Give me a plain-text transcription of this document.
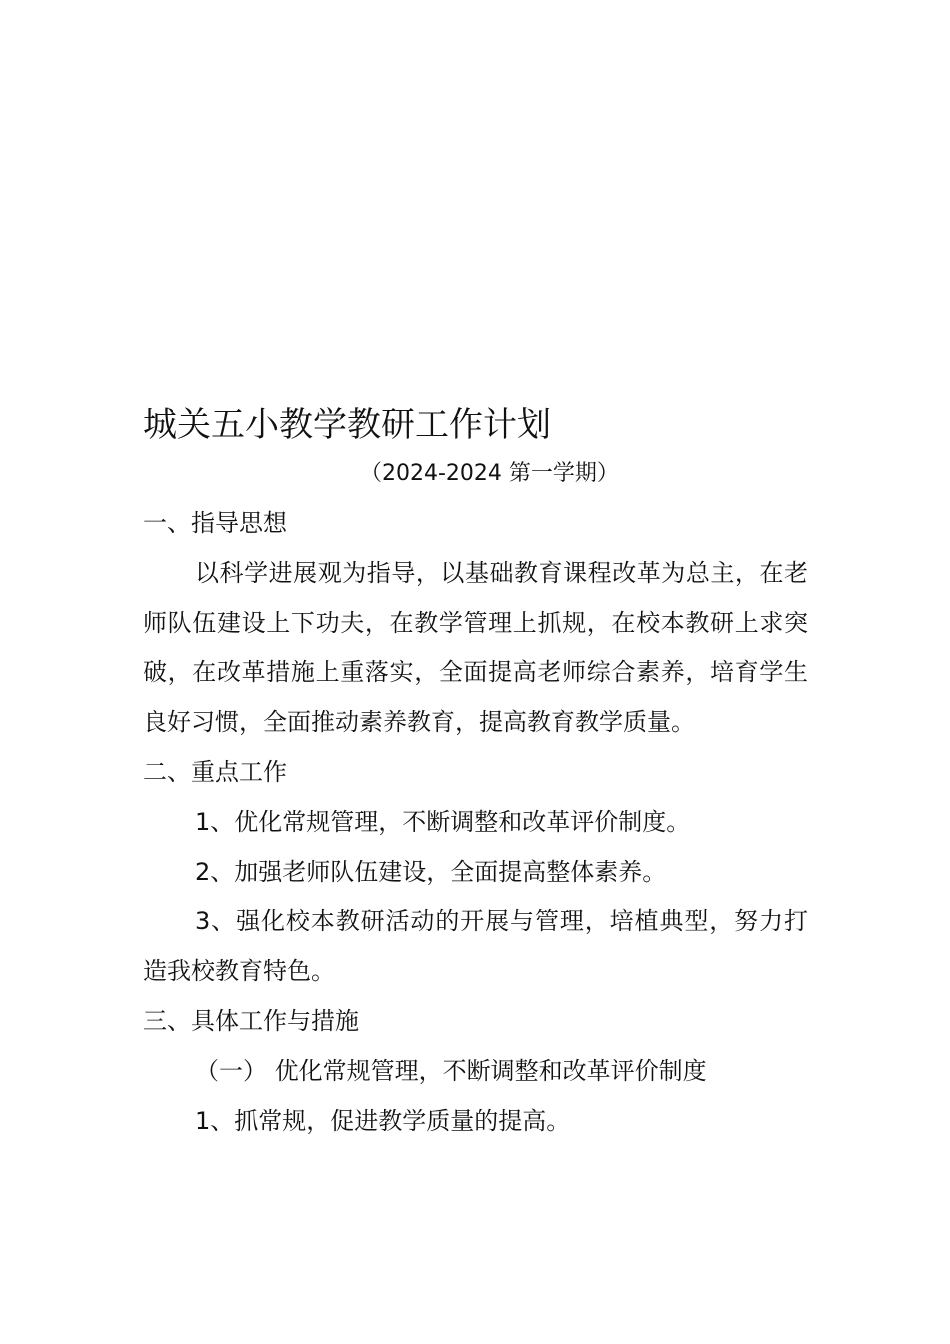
城关五小教学教研工作计划
（2024-2024 第一学期）

一、指导思想

以科学进展观为指导，以基础教育课程改革为总主，在老师队伍建设上下功夫，在教学管理上抓规，在校本教研上求突破，在改革措施上重落实，全面提高老师综合素养，培育学生良好习惯，全面推动素养教育，提高教育教学质量。

二、重点工作

1、优化常规管理，不断调整和改革评价制度。

2、加强老师队伍建设，全面提高整体素养。

3、强化校本教研活动的开展与管理，培植典型，努力打造我校教育特色。

三、具体工作与措施

（一） 优化常规管理，不断调整和改革评价制度

1、抓常规，促进教学质量的提高。
